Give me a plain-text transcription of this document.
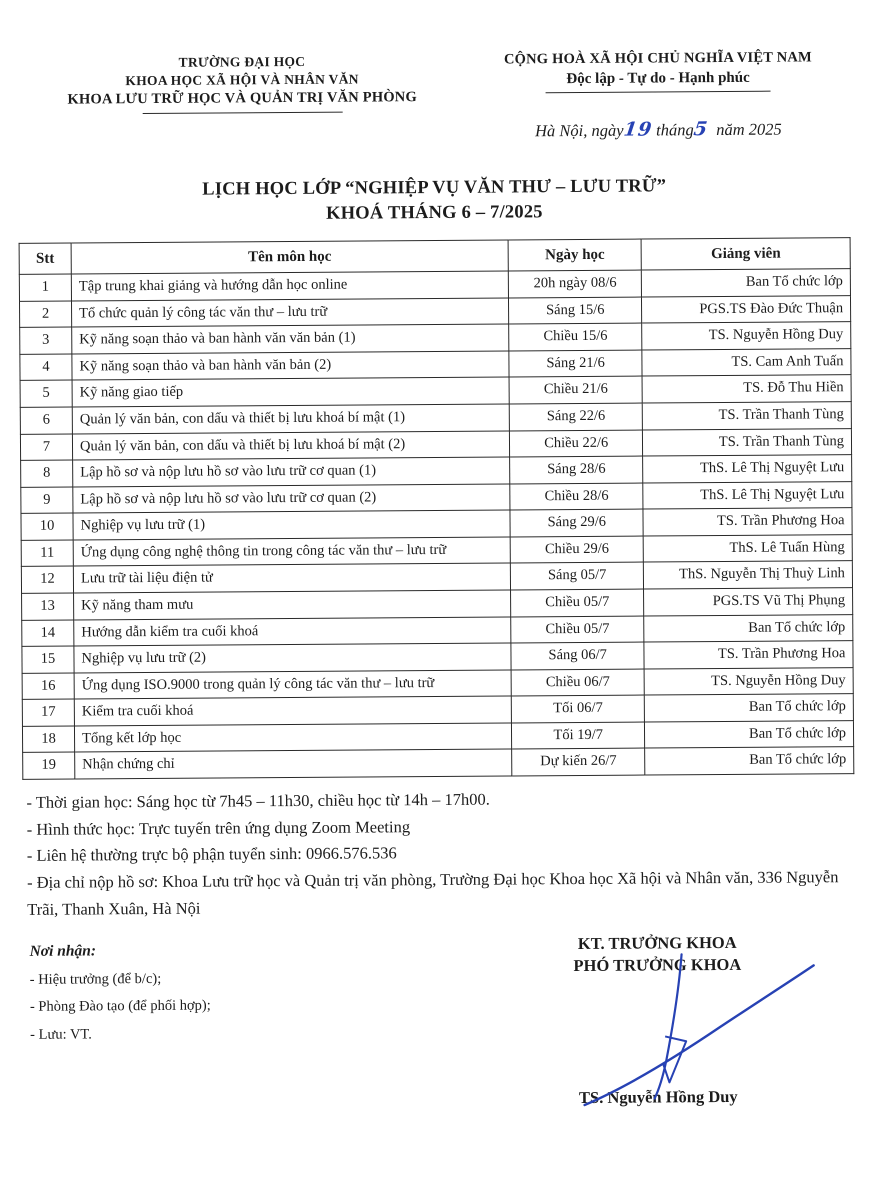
TRƯỜNG ĐẠI HỌC
KHOA HỌC XÃ HỘI VÀ NHÂN VĂN
KHOA LƯU TRỮ HỌC VÀ QUẢN TRỊ VĂN PHÒNG
CỘNG HOÀ XÃ HỘI CHỦ NGHĨA VIỆT NAM
Độc lập - Tự do - Hạnh phúc
Hà Nội, ngày19 tháng5 năm 2025
LỊCH HỌC LỚP “NGHIỆP VỤ VĂN THƯ – LƯU TRỮ”
KHOÁ THÁNG 6 – 7/2025
Stt	Tên môn học	Ngày học	Giảng viên
1	Tập trung khai giảng và hướng dẫn học online	20h ngày 08/6	Ban Tổ chức lớp
2	Tổ chức quản lý công tác văn thư – lưu trữ	Sáng 15/6	PGS.TS Đào Đức Thuận
3	Kỹ năng soạn thảo và ban hành văn văn bản (1)	Chiều 15/6	TS. Nguyễn Hồng Duy
4	Kỹ năng soạn thảo và ban hành văn bản (2)	Sáng 21/6	TS. Cam Anh Tuấn
5	Kỹ năng giao tiếp	Chiều 21/6	TS. Đỗ Thu Hiền
6	Quản lý văn bản, con dấu và thiết bị lưu khoá bí mật (1)	Sáng 22/6	TS. Trần Thanh Tùng
7	Quản lý văn bản, con dấu và thiết bị lưu khoá bí mật (2)	Chiều 22/6	TS. Trần Thanh Tùng
8	Lập hồ sơ và nộp lưu hồ sơ vào lưu trữ cơ quan (1)	Sáng 28/6	ThS. Lê Thị Nguyệt Lưu
9	Lập hồ sơ và nộp lưu hồ sơ vào lưu trữ cơ quan (2)	Chiều 28/6	ThS. Lê Thị Nguyệt Lưu
10	Nghiệp vụ lưu trữ (1)	Sáng 29/6	TS. Trần Phương Hoa
11	Ứng dụng công nghệ thông tin trong công tác văn thư – lưu trữ	Chiều 29/6	ThS. Lê Tuấn Hùng
12	Lưu trữ tài liệu điện tử	Sáng 05/7	ThS. Nguyễn Thị Thuỳ Linh
13	Kỹ năng tham mưu	Chiều 05/7	PGS.TS Vũ Thị Phụng
14	Hướng dẫn kiểm tra cuối khoá	Chiều 05/7	Ban Tổ chức lớp
15	Nghiệp vụ lưu trữ (2)	Sáng 06/7	TS. Trần Phương Hoa
16	Ứng dụng ISO.9000 trong quản lý công tác văn thư – lưu trữ	Chiều 06/7	TS. Nguyễn Hồng Duy
17	Kiểm tra cuối khoá	Tối 06/7	Ban Tổ chức lớp
18	Tổng kết lớp học	Tối 19/7	Ban Tổ chức lớp
19	Nhận chứng chỉ	Dự kiến 26/7	Ban Tổ chức lớp

- Thời gian học: Sáng học từ 7h45 – 11h30, chiều học từ 14h – 17h00.

- Hình thức học: Trực tuyến trên ứng dụng Zoom Meeting

- Liên hệ thường trực bộ phận tuyển sinh: 0966.576.536

- Địa chỉ nộp hồ sơ: Khoa Lưu trữ học và Quản trị văn phòng, Trường Đại học Khoa học Xã hội và Nhân văn, 336 Nguyễn Trãi, Thanh Xuân, Hà Nội

Nơi nhận:
- Hiệu trưởng (để b/c);
- Phòng Đào tạo (để phối hợp);
- Lưu: VT.
KT. TRƯỞNG KHOA
PHÓ TRƯỞNG KHOA
TS. Nguyễn Hồng Duy
